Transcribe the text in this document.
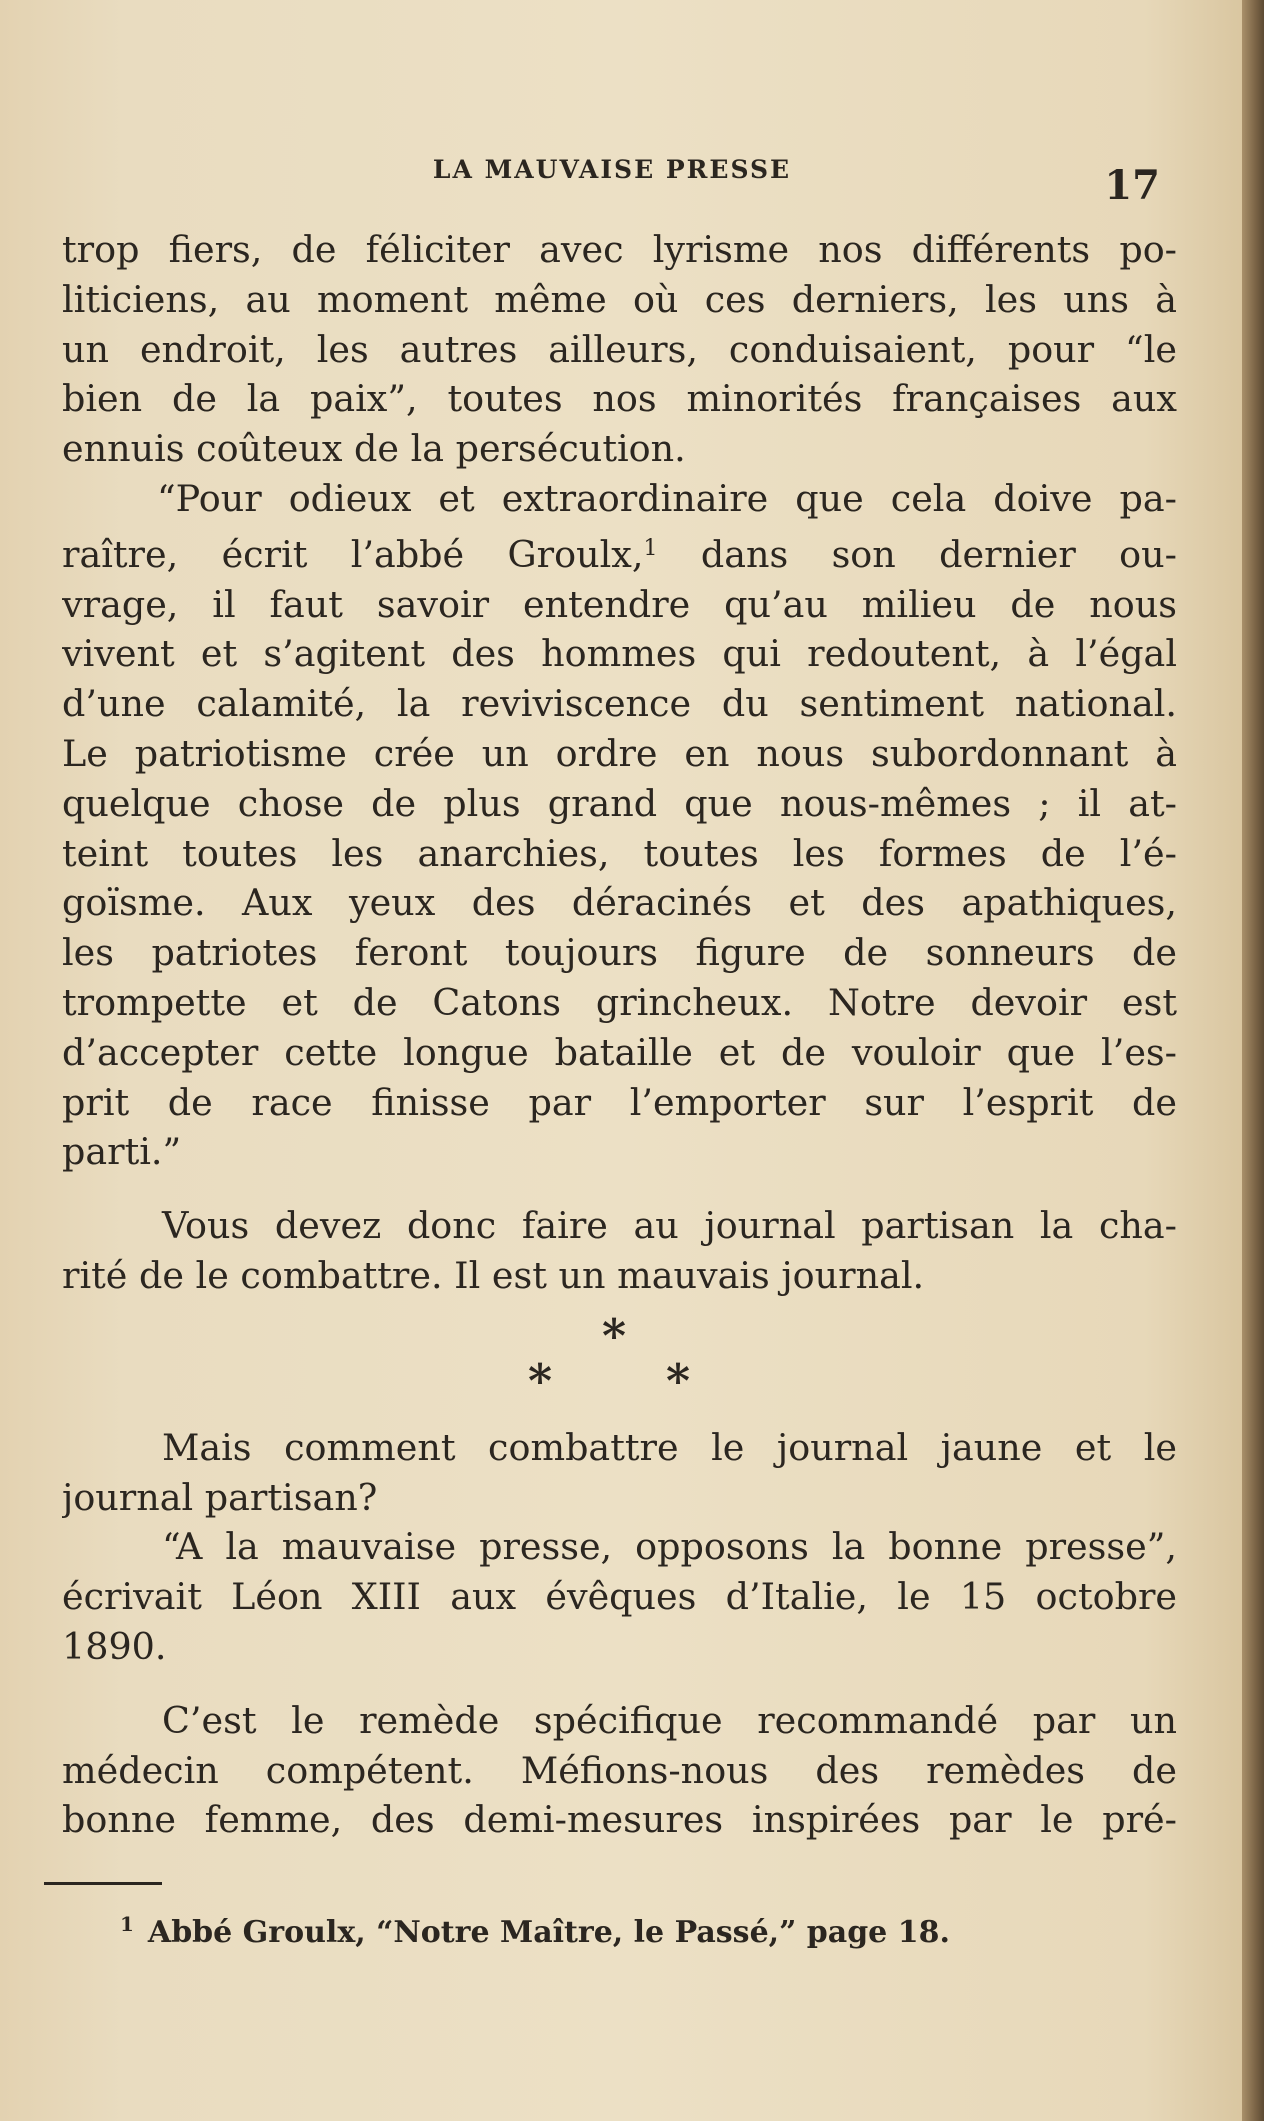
LA MAUVAISE PRESSE	17
trop fiers, de féliciter avec lyrisme nos différents po-
liticiens, au moment même où ces derniers, les uns à
un endroit, les autres ailleurs, conduisaient, pour “le
bien de la paix”, toutes nos minorités françaises aux
ennuis coûteux de la persécution.
“Pour odieux et extraordinaire que cela doive pa-
raître, écrit l’abbé Groulx,$^1$ dans son dernier ou-
vrage, il faut savoir entendre qu’au milieu de nous
vivent et s’agitent des hommes qui redoutent, à l’égal
d’une calamité, la reviviscence du sentiment national.
Le patriotisme crée un ordre en nous subordonnant à
quelque chose de plus grand que nous-mêmes ; il at-
teint toutes les anarchies, toutes les formes de l’é-
goïsme. Aux yeux des déracinés et des apathiques,
les patriotes feront toujours figure de sonneurs de
trompette et de Catons grincheux. Notre devoir est
d’accepter cette longue bataille et de vouloir que l’es-
prit de race finisse par l’emporter sur l’esprit de
parti.”
Vous devez donc faire au journal partisan la cha-
rité de le combattre. Il est un mauvais journal.
*
* *
Mais comment combattre le journal jaune et le
journal partisan?
“A la mauvaise presse, opposons la bonne presse”,
écrivait Léon XIII aux évêques d’Italie, le 15 octobre
1890.
C’est le remède spécifique recommandé par un
médecin compétent. Méfions-nous des remèdes de
bonne femme, des demi-mesures inspirées par le pré-
$^1$ Abbé Groulx, “Notre Maître, le Passé,” page 18.
